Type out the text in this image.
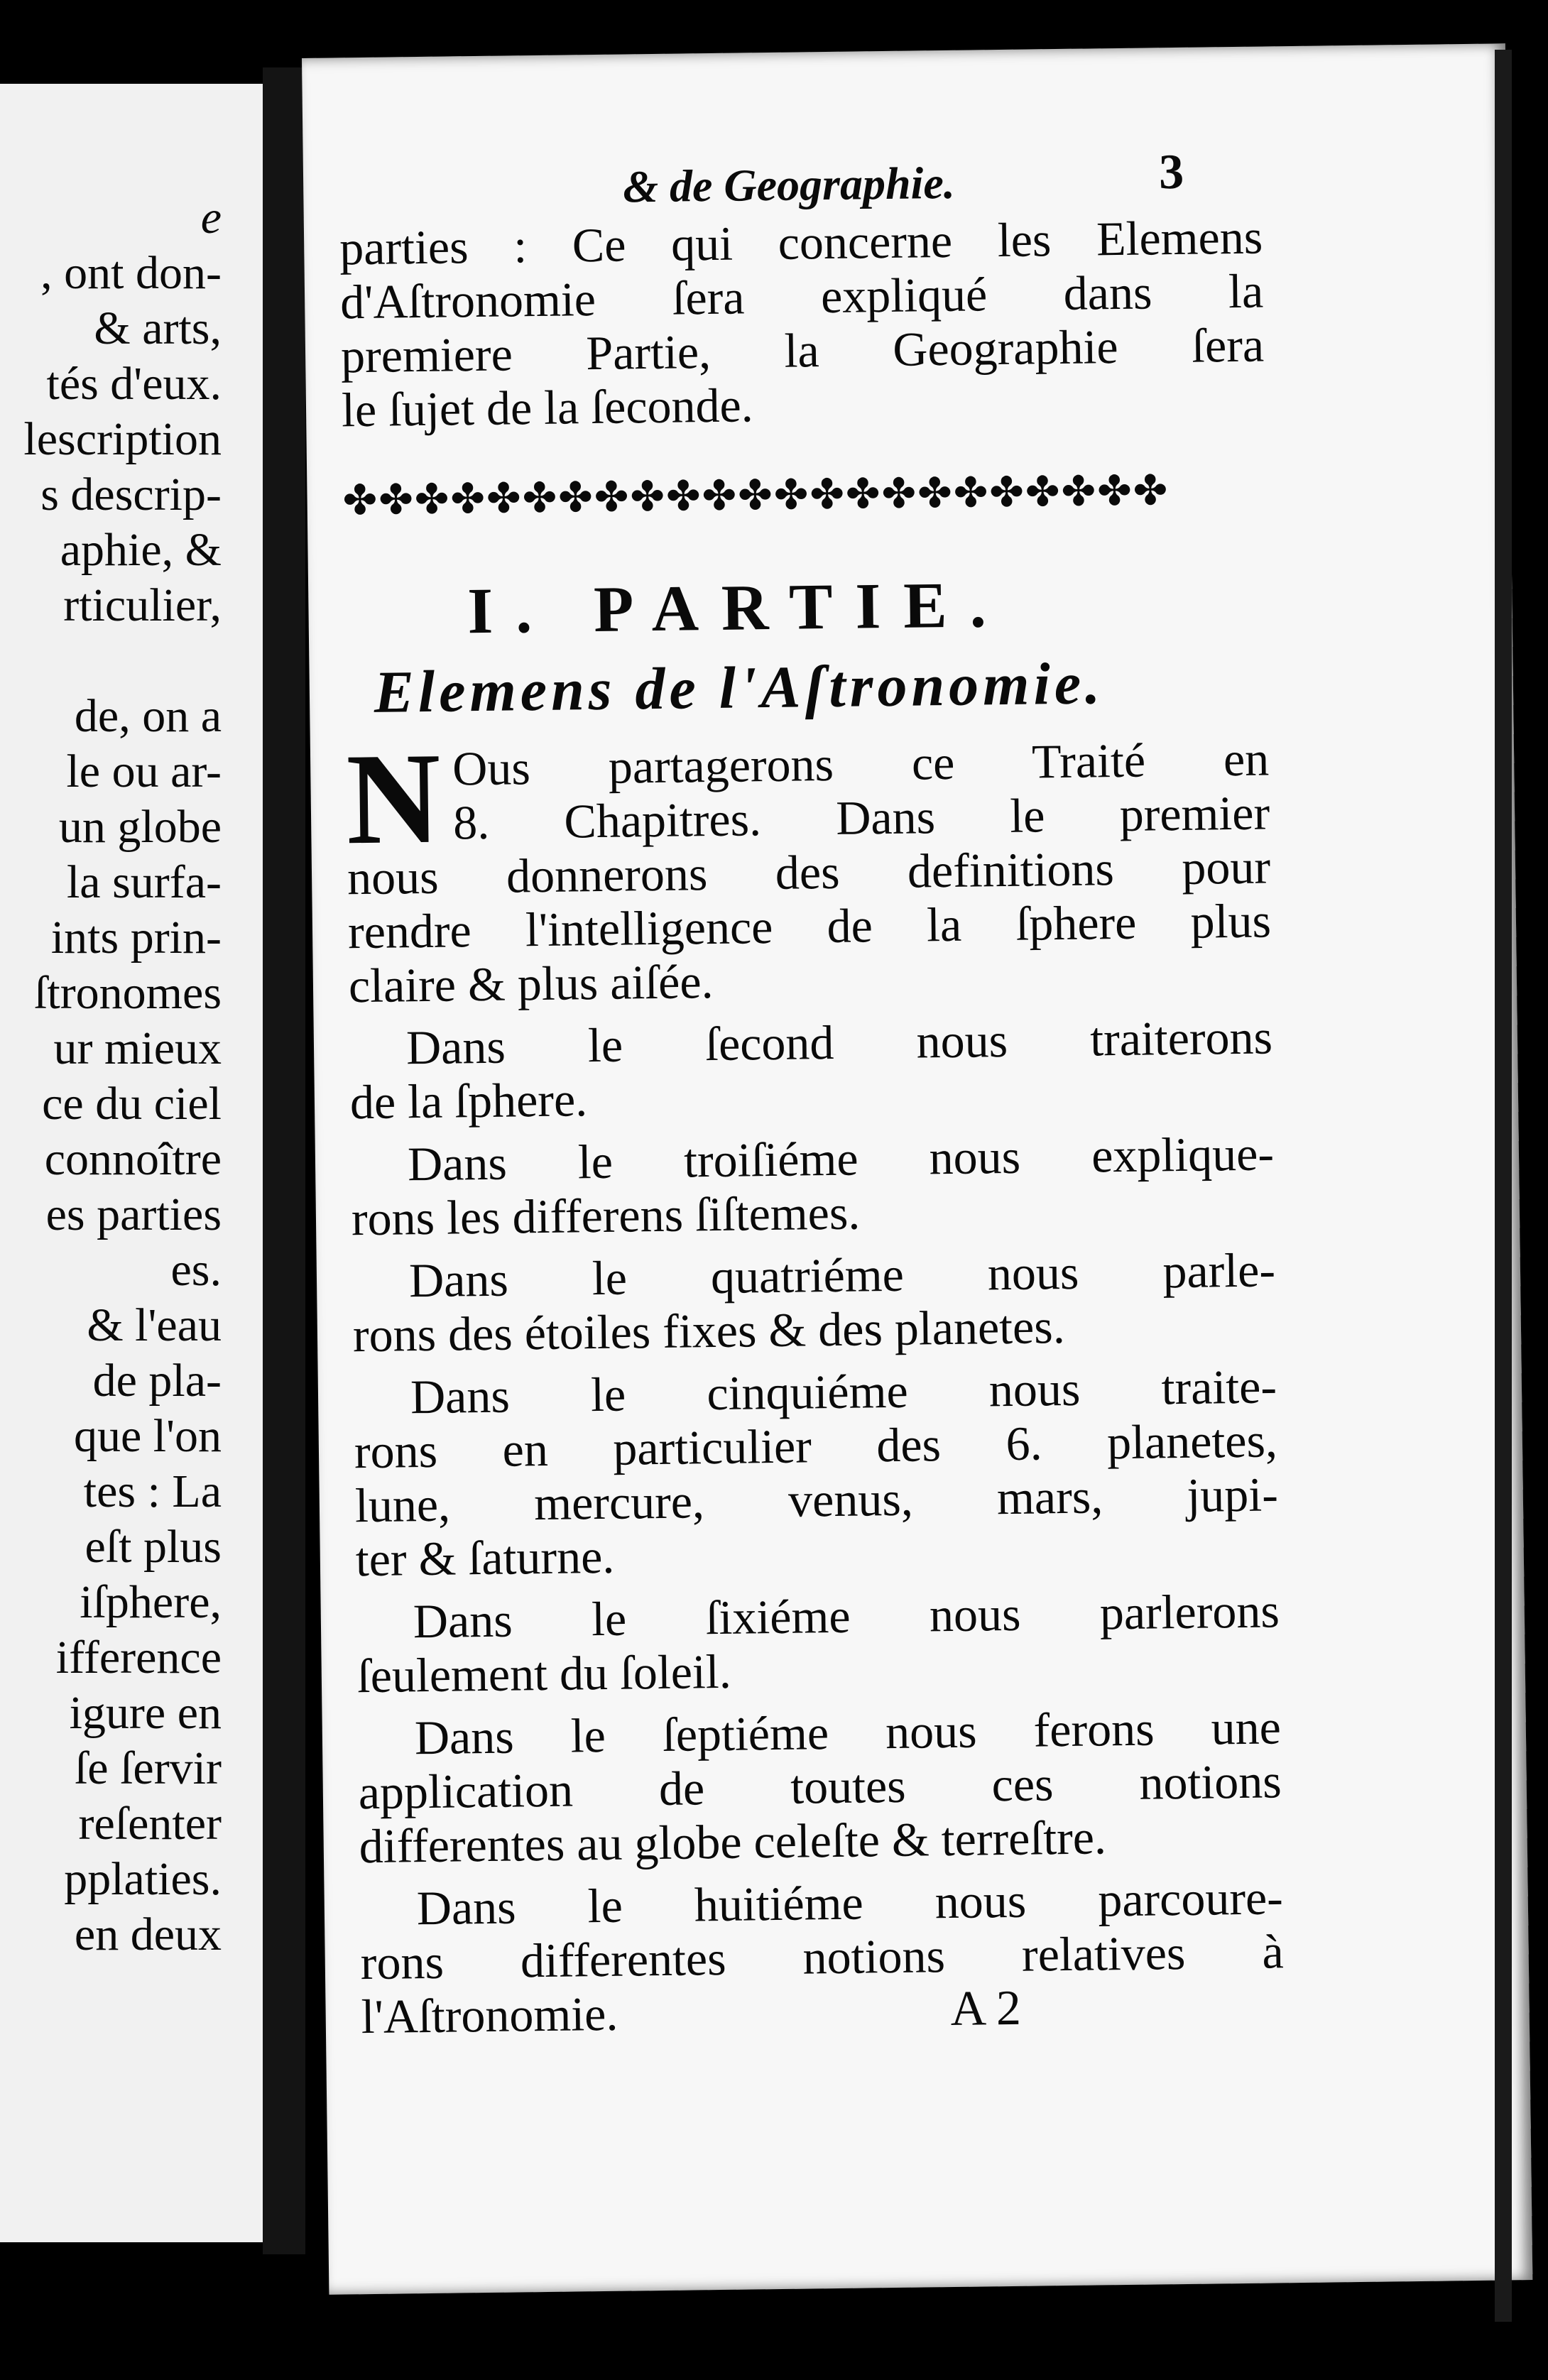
e
, ont don-
& arts,
tés d'eux.
lescription
s descrip-
aphie, &
rticulier,
de, on a
le ou ar-
un globe
la surfa-
ints prin-
ſtronomes
ur mieux
ce du ciel
connoître
es parties
es.
& l'eau
de pla-
que l'on
tes : La
eſt plus
iſphere,
ifference
igure en
ſe ſervir
reſenter
pplaties.
en deux
& de Geographie.	3
parties : Ce qui concerne les Elemens
d'Aſtronomie ſera expliqué dans la
premiere Partie, la Geographie ſera
le ſujet de la ſeconde.
✤✤✤✤✤✤✤✤✤✤✤✤✤✤✤✤✤✤✤✤✤✤✤
I. PARTIE.
Elemens de l'Aſtronomie.
N Ous partagerons ce Traité en
8. Chapitres. Dans le premier
nous donnerons des definitions pour
rendre l'intelligence de la ſphere plus
claire & plus aiſée.
Dans le ſecond nous traiterons
de la ſphere.
Dans le troiſiéme nous explique-
rons les differens ſiſtemes.
Dans le quatriéme nous parle-
rons des étoiles fixes & des planetes.
Dans le cinquiéme nous traite-
rons en particulier des 6. planetes,
lune, mercure, venus, mars, jupi-
ter & ſaturne.
Dans le ſixiéme nous parlerons
ſeulement du ſoleil.
Dans le ſeptiéme nous ferons une
application de toutes ces notions
differentes au globe celeſte & terreſtre.
Dans le huitiéme nous parcoure-
rons differentes notions relatives à
l'Aſtronomie.	A 2
